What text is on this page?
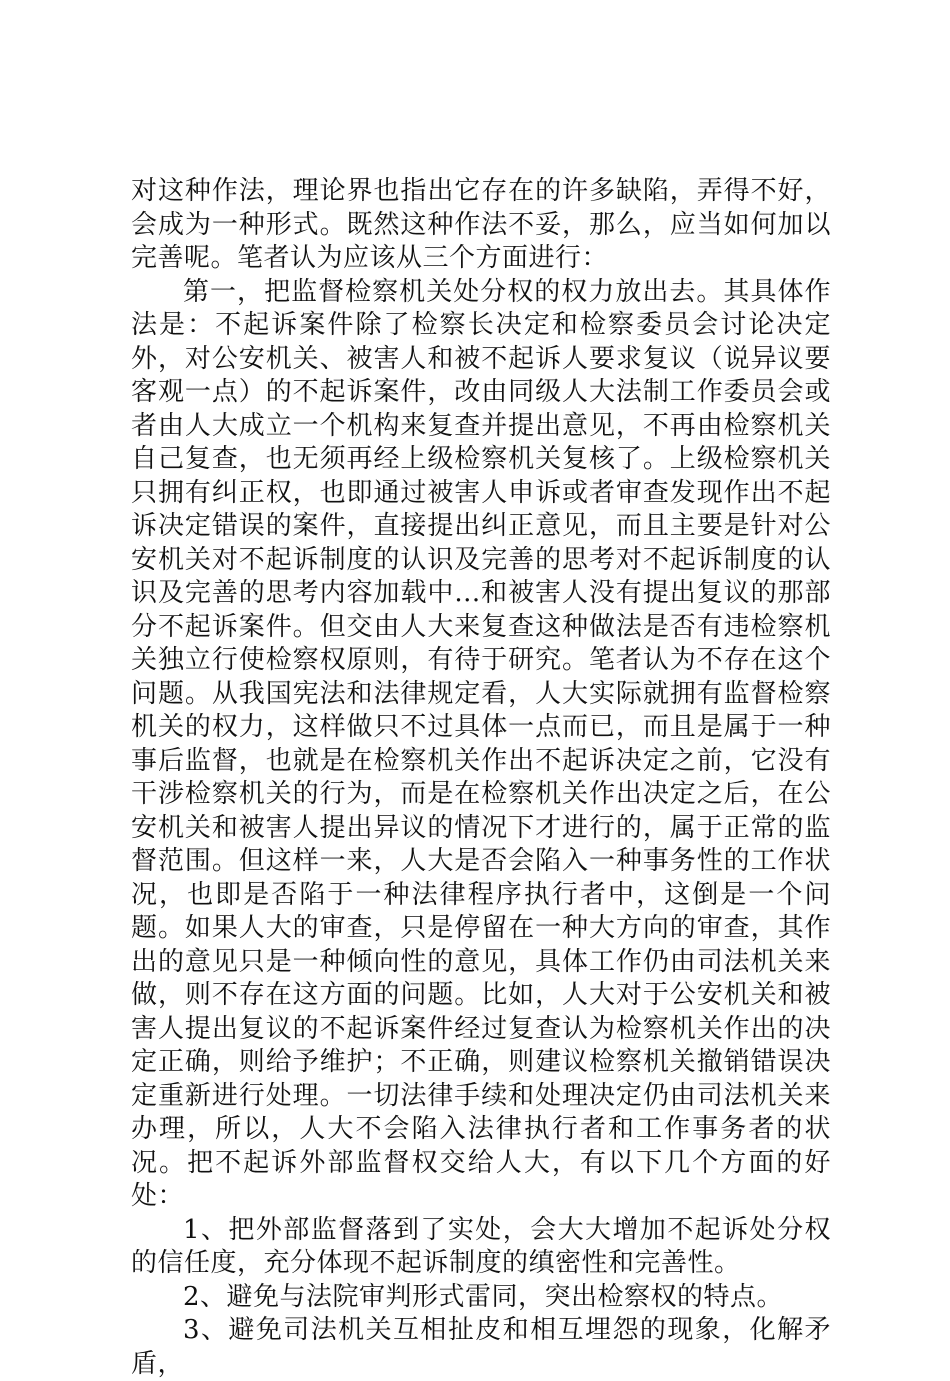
对这种作法，理论界也指出它存在的许多缺陷，弄得不好，会成为一种形式。既然这种作法不妥，那么，应当如何加以完善呢。笔者认为应该从三个方面进行：

第一，把监督检察机关处分权的权力放出去。其具体作法是：不起诉案件除了检察长决定和检察委员会讨论决定外，对公安机关、被害人和被不起诉人要求复议（说异议要客观一点）的不起诉案件，改由同级人大法制工作委员会或者由人大成立一个机构来复查并提出意见，不再由检察机关自己复查，也无须再经上级检察机关复核了。上级检察机关只拥有纠正权，也即通过被害人申诉或者审查发现作出不起诉决定错误的案件，直接提出纠正意见，而且主要是针对公安机关对不起诉制度的认识及完善的思考对不起诉制度的认识及完善的思考内容加载中...和被害人没有提出复议的那部分不起诉案件。但交由人大来复查这种做法是否有违检察机关独立行使检察权原则，有待于研究。笔者认为不存在这个问题。从我国宪法和法律规定看，人大实际就拥有监督检察机关的权力，这样做只不过具体一点而已，而且是属于一种事后监督，也就是在检察机关作出不起诉决定之前，它没有干涉检察机关的行为，而是在检察机关作出决定之后，在公安机关和被害人提出异议的情况下才进行的，属于正常的监督范围。但这样一来，人大是否会陷入一种事务性的工作状况，也即是否陷于一种法律程序执行者中，这倒是一个问题。如果人大的审查，只是停留在一种大方向的审查，其作出的意见只是一种倾向性的意见，具体工作仍由司法机关来做，则不存在这方面的问题。比如，人大对于公安机关和被害人提出复议的不起诉案件经过复查认为检察机关作出的决定正确，则给予维护；不正确，则建议检察机关撤销错误决定重新进行处理。一切法律手续和处理决定仍由司法机关来办理，所以，人大不会陷入法律执行者和工作事务者的状况。把不起诉外部监督权交给人大，有以下几个方面的好处：

1、把外部监督落到了实处，会大大增加不起诉处分权的信任度，充分体现不起诉制度的缜密性和完善性。

2、避免与法院审判形式雷同，突出检察权的特点。

3、避免司法机关互相扯皮和相互埋怨的现象，化解矛盾，
